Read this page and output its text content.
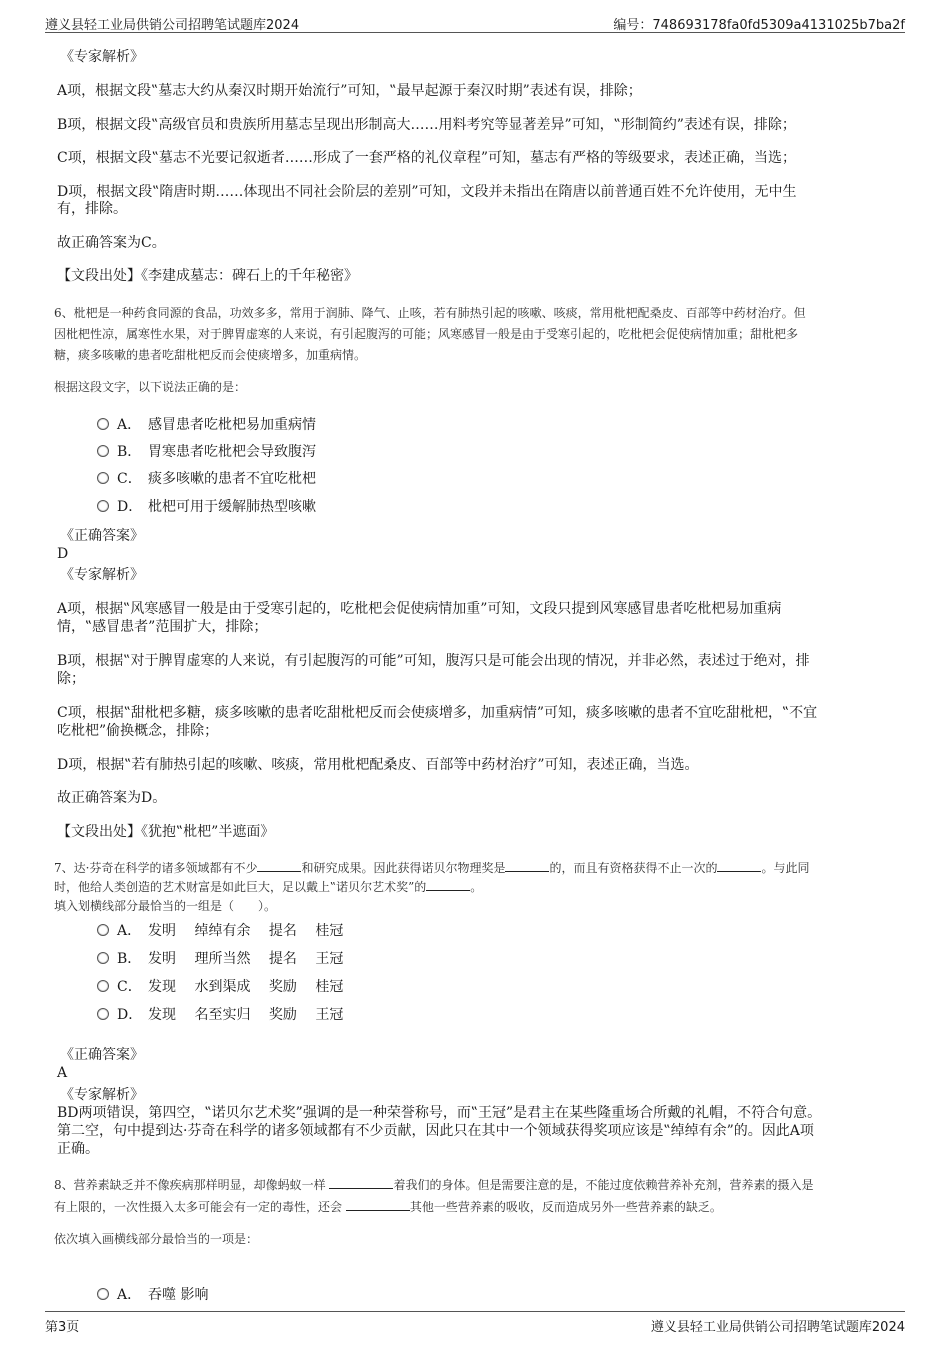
遵义县轻工业局供销公司招聘笔试题库2024	编号：748693178fa0fd5309a4131025b7ba2f
《专家解析》
A项，根据文段‟墓志大约从秦汉时期开始流行”可知，‟最早起源于秦汉时期”表述有误，排除；
B项，根据文段‟高级官员和贵族所用墓志呈现出形制高大……用料考究等显著差异”可知，‟形制简约”表述有误，排除；
C项，根据文段‟墓志不光要记叙逝者……形成了一套严格的礼仪章程”可知，墓志有严格的等级要求，表述正确，当选；
D项，根据文段‟隋唐时期……体现出不同社会阶层的差别”可知，文段并未指出在隋唐以前普通百姓不允许使用，无中生
有，排除。
故正确答案为C。
【文段出处】《李建成墓志：碑石上的千年秘密》
6、枇杷是一种药食同源的食品，功效多多，常用于润肺、降气、止咳，若有肺热引起的咳嗽、咳痰，常用枇杷配桑皮、百部等中药材治疗。但
因枇杷性凉，属寒性水果，对于脾胃虚寒的人来说，有引起腹泻的可能；风寒感冒一般是由于受寒引起的，吃枇杷会促使病情加重；甜枇杷多
糖，痰多咳嗽的患者吃甜枇杷反而会使痰增多，加重病情。
根据这段文字，以下说法正确的是：
A． 感冒患者吃枇杷易加重病情
B． 胃寒患者吃枇杷会导致腹泻
C． 痰多咳嗽的患者不宜吃枇杷
D． 枇杷可用于缓解肺热型咳嗽
《正确答案》
D
《专家解析》
A项，根据‟风寒感冒一般是由于受寒引起的，吃枇杷会促使病情加重”可知，文段只提到风寒感冒患者吃枇杷易加重病
情，‟感冒患者”范围扩大，排除；
B项，根据‟对于脾胃虚寒的人来说，有引起腹泻的可能”可知，腹泻只是可能会出现的情况，并非必然，表述过于绝对，排
除；
C项，根据‟甜枇杷多糖，痰多咳嗽的患者吃甜枇杷反而会使痰增多，加重病情”可知，痰多咳嗽的患者不宜吃甜枇杷，‟不宜
吃枇杷”偷换概念，排除；
D项，根据‟若有肺热引起的咳嗽、咳痰，常用枇杷配桑皮、百部等中药材治疗”可知，表述正确，当选。
故正确答案为D。
【文段出处】《犹抱‟枇杷”半遮面》
7、达·芬奇在科学的诸多领域都有不少	和研究成果。因此获得诺贝尔物理奖是	的，而且有资格获得不止一次的	。与此同
时，他给人类创造的艺术财富是如此巨大，足以戴上‟诺贝尔艺术奖”的	。
填入划横线部分最恰当的一组是（　　）。
A． 发明　 绰绰有余　 提名　 桂冠
B． 发明　 理所当然　 提名　 王冠
C． 发现　 水到渠成　 奖励　 桂冠
D． 发现　 名至实归　 奖励　 王冠
《正确答案》
A
《专家解析》
BD两项错误，第四空，‟诺贝尔艺术奖”强调的是一种荣誉称号，而‟王冠”是君主在某些隆重场合所戴的礼帽，不符合句意。
第二空，句中提到达·芬奇在科学的诸多领域都有不少贡献，因此只在其中一个领域获得奖项应该是‟绰绰有余”的。因此A项
正确。
8、营养素缺乏并不像疾病那样明显，却像蚂蚁一样	着我们的身体。但是需要注意的是，不能过度依赖营养补充剂，营养素的摄入是
有上限的，一次性摄入太多可能会有一定的毒性，还会	其他一些营养素的吸收，反而造成另外一些营养素的缺乏。
依次填入画横线部分最恰当的一项是：
A． 吞噬 影响
第3页	遵义县轻工业局供销公司招聘笔试题库2024
